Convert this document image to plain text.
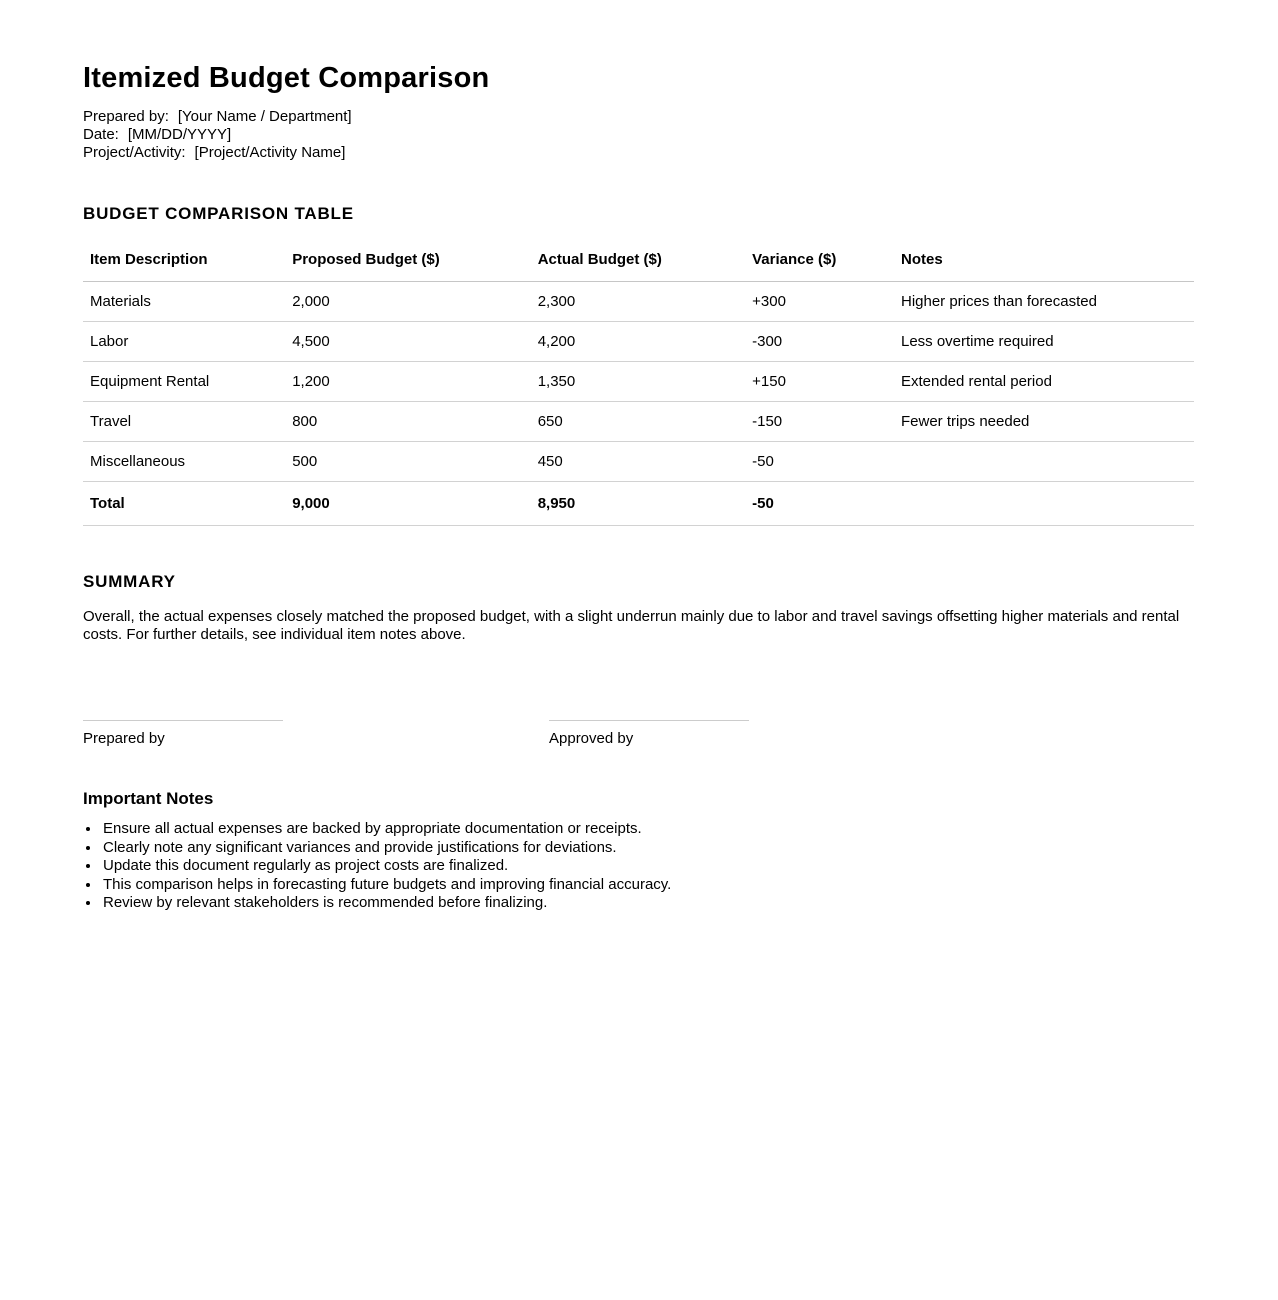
Itemized Budget Comparison
Prepared by: [Your Name / Department]
Date: [MM/DD/YYYY]
Project/Activity: [Project/Activity Name]
BUDGET COMPARISON TABLE
Item Description	Proposed Budget ($)	Actual Budget ($)	Variance ($)	Notes
Materials	2,000	2,300	+300	Higher prices than forecasted
Labor	4,500	4,200	-300	Less overtime required
Equipment Rental	1,200	1,350	+150	Extended rental period
Travel	800	650	-150	Fewer trips needed
Miscellaneous	500	450	-50	
Total	9,000	8,950	-50	
SUMMARY

Overall, the actual expenses closely matched the proposed budget, with a slight underrun mainly due to labor and travel savings offsetting higher materials and rental costs. For further details, see individual item notes above.

Prepared by	Approved by
Important Notes
• Ensure all actual expenses are backed by appropriate documentation or receipts.
• Clearly note any significant variances and provide justifications for deviations.
• Update this document regularly as project costs are finalized.
• This comparison helps in forecasting future budgets and improving financial accuracy.
• Review by relevant stakeholders is recommended before finalizing.
